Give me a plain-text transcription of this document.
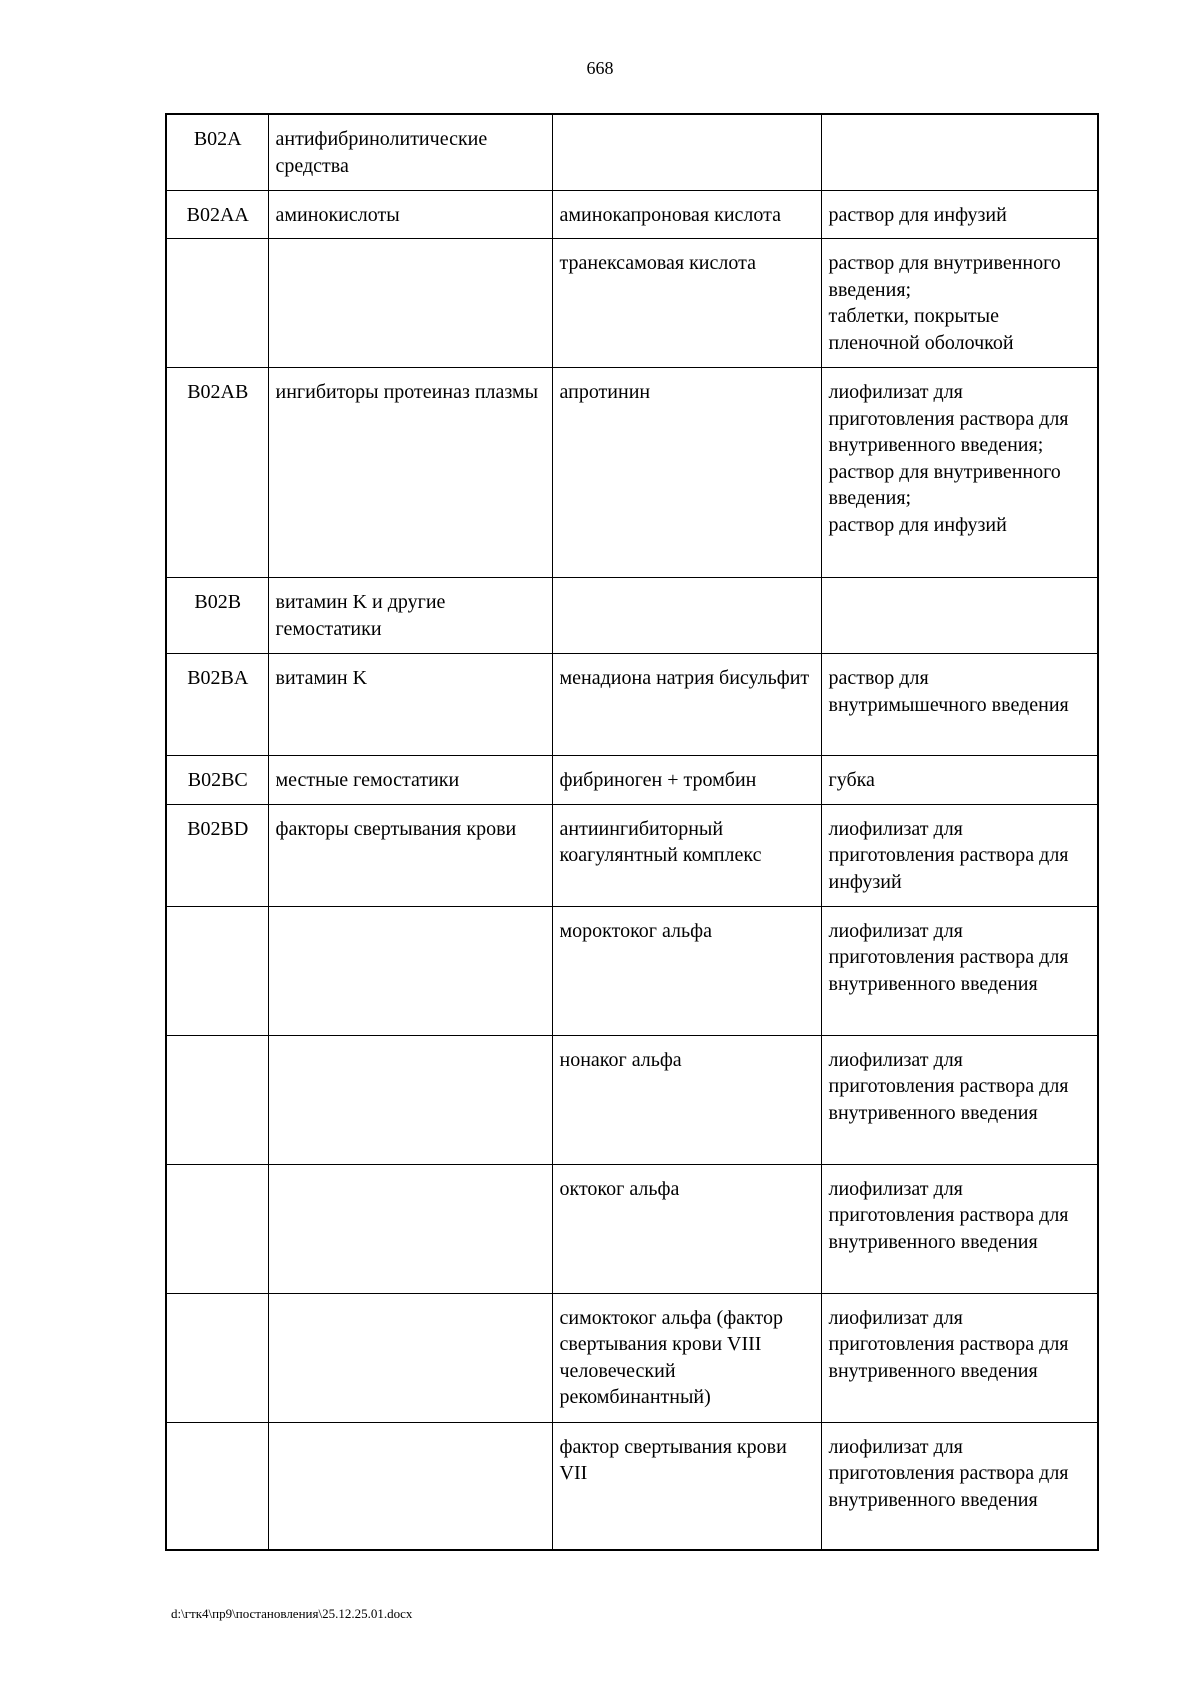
668
B02A	антифибринолитические средства		
B02AA	аминокислоты	аминокапроновая кислота	раствор для инфузий
		транексамовая кислота	раствор для внутривенного введения;
таблетки, покрытые пленочной оболочкой

B02AB	ингибиторы протеиназ плазмы	апротинин	лиофилизат для приготовления раствора для внутривенного введения;
раствор для внутривенного введения;
раствор для инфузий

B02B	витамин K и другие гемостатики		
B02BA	витамин K	менадиона натрия бисульфит	раствор для внутримышечного введения
B02BC	местные гемостатики	фибриноген + тромбин	губка
B02BD	факторы свертывания крови	антиингибиторный коагулянтный комплекс	лиофилизат для приготовления раствора для инфузий
		мороктоког альфа	лиофилизат для приготовления раствора для внутривенного введения
		нонаког альфа	лиофилизат для приготовления раствора для внутривенного введения
		октоког альфа	лиофилизат для приготовления раствора для внутривенного введения
		симоктоког альфа (фактор свертывания крови VIII человеческий рекомбинантный)	лиофилизат для приготовления раствора для внутривенного введения
		фактор свертывания крови VII	лиофилизат для приготовления раствора для внутривенного введения
d:\гтк4\пр9\постановления\25.12.25.01.docx
